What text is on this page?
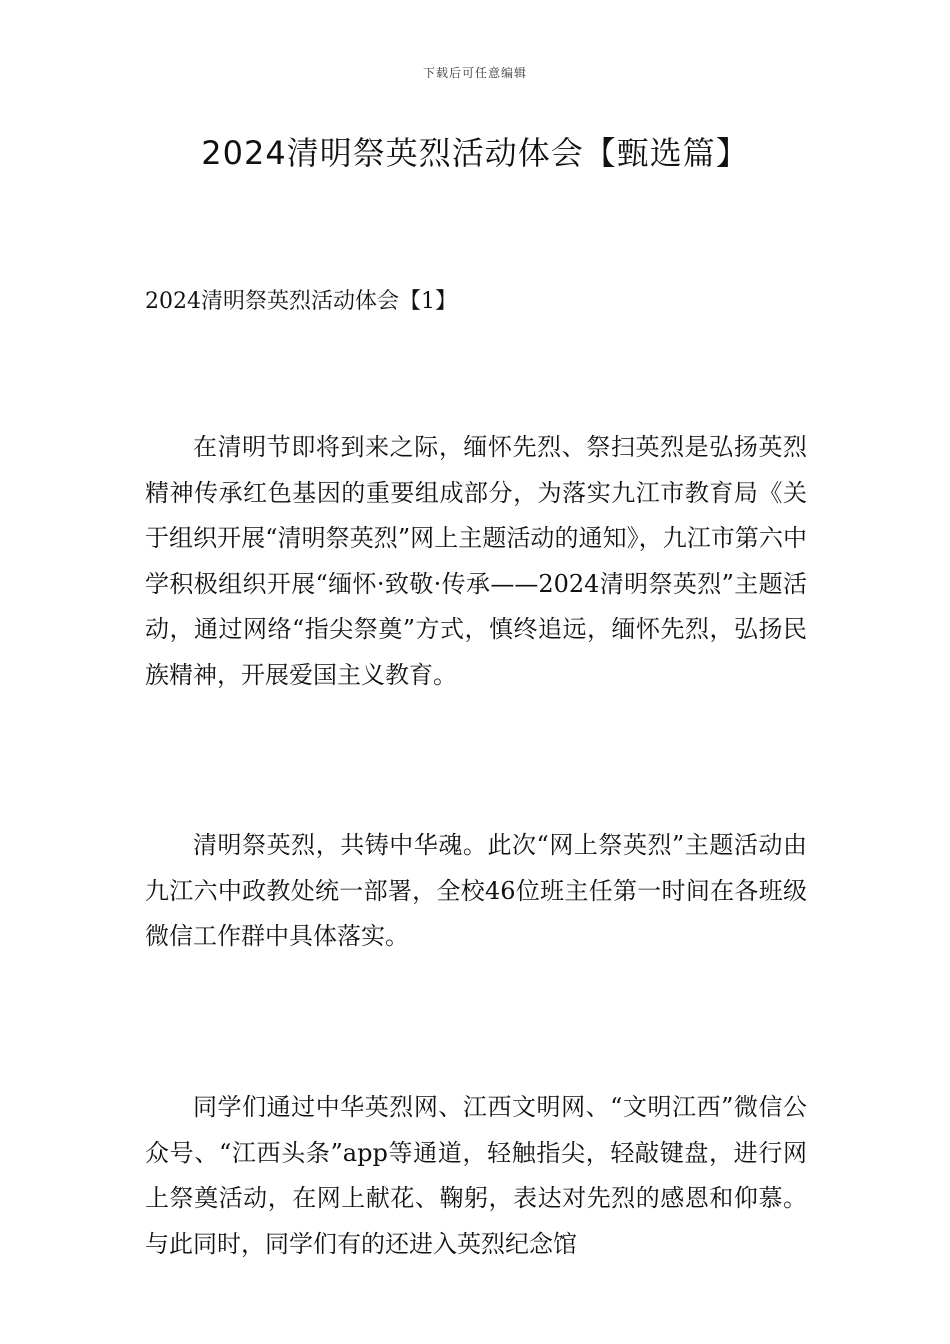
下载后可任意编辑
2024清明祭英烈活动体会【甄选篇】
2024清明祭英烈活动体会【1】

在清明节即将到来之际，缅怀先烈、祭扫英烈是弘扬英烈精神传承红色基因的重要组成部分，为落实九江市教育局《关于组织开展“清明祭英烈”网上主题活动的通知》，九江市第六中学积极组织开展“缅怀·致敬·传承——2024清明祭英烈”主题活动，通过网络“指尖祭奠”方式，慎终追远，缅怀先烈，弘扬民族精神，开展爱国主义教育。

清明祭英烈，共铸中华魂。此次“网上祭英烈”主题活动由九江六中政教处统一部署，全校46位班主任第一时间在各班级微信工作群中具体落实。

同学们通过中华英烈网、江西文明网、“文明江西”微信公众号、“江西头条”app等通道，轻触指尖，轻敲键盘，进行网上祭奠活动，在网上献花、鞠躬，表达对先烈的感恩和仰慕。与此同时，同学们有的还进入英烈纪念馆
